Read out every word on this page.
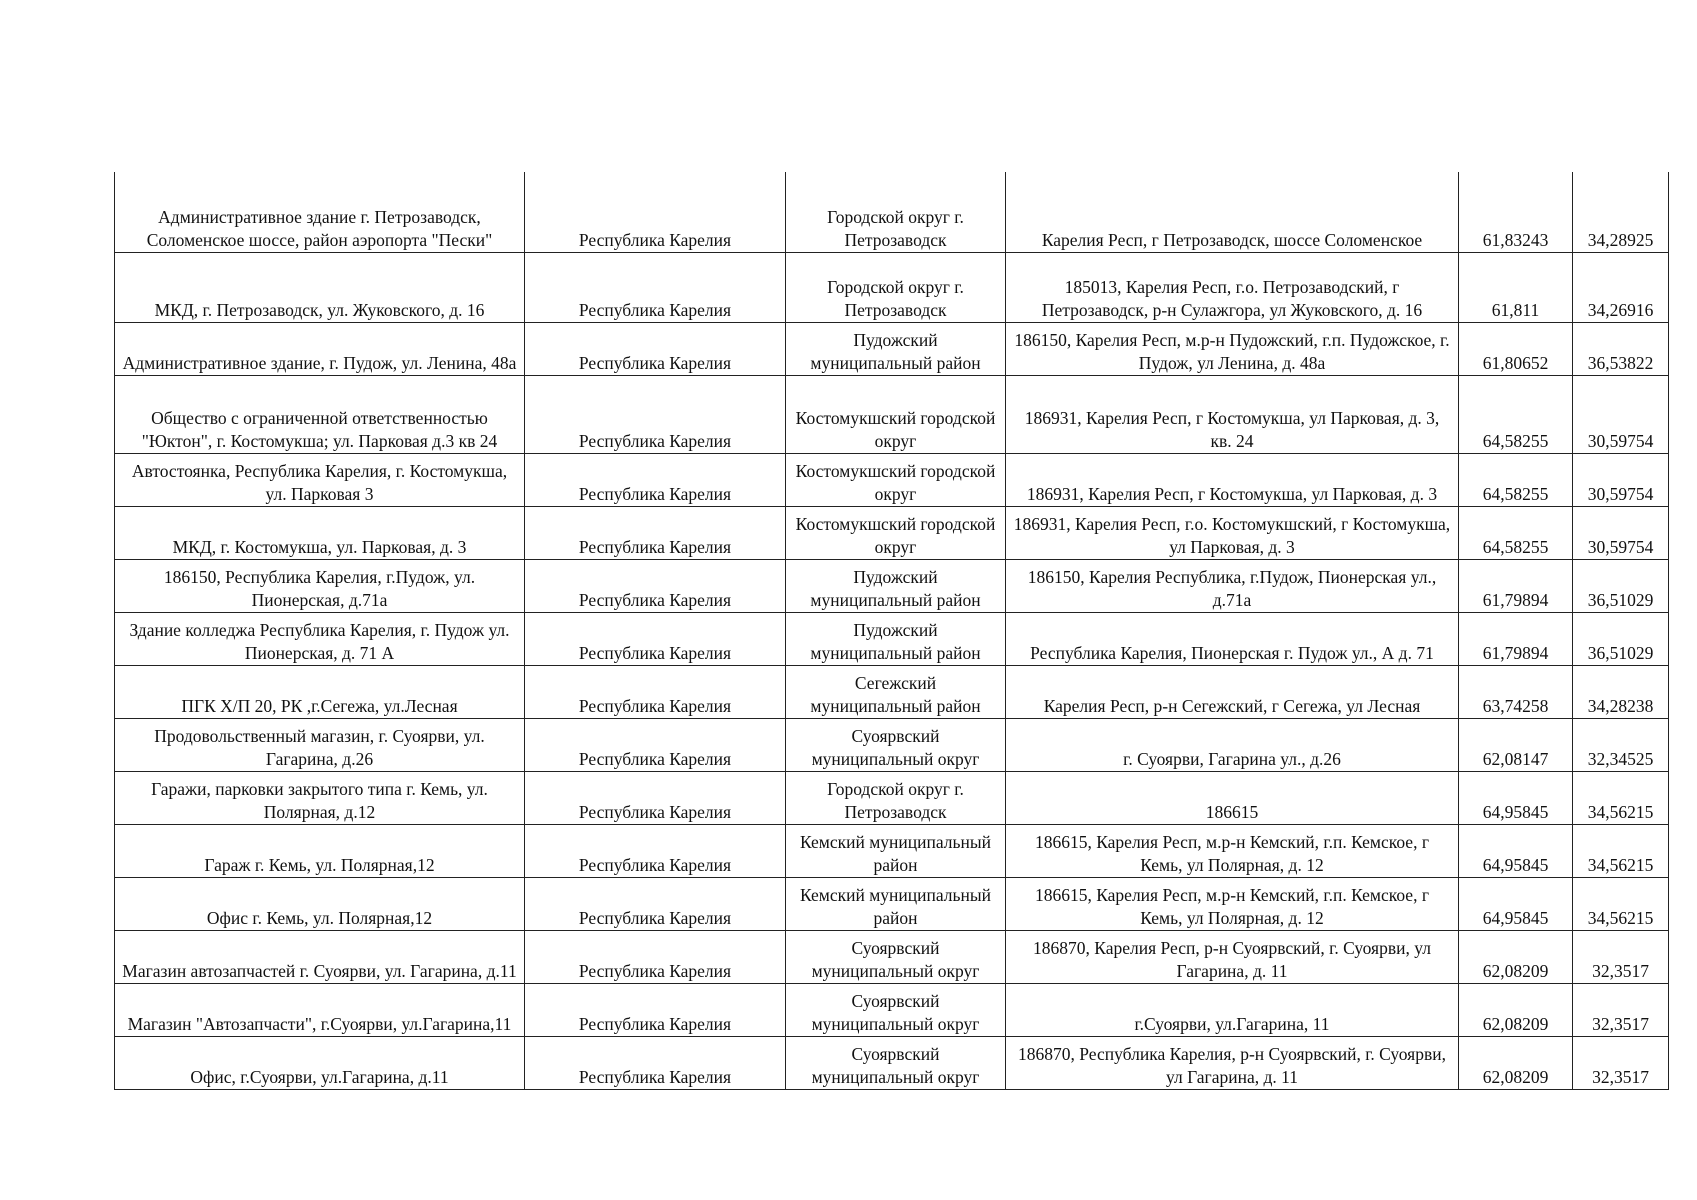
Административное здание г. Петрозаводск, Соломенское шоссе, район аэропорта "Пески"	Республика Карелия	Городской округ г. Петрозаводск	Карелия Респ, г Петрозаводск, шоссе Соломенское	61,83243	34,28925
МКД, г. Петрозаводск, ул. Жуковского, д. 16	Республика Карелия	Городской округ г. Петрозаводск	185013, Карелия Респ, г.о. Петрозаводский, г Петрозаводск, р-н Сулажгора, ул Жуковского, д. 16	61,811	34,26916
Административное здание, г. Пудож, ул. Ленина, 48а	Республика Карелия	Пудожский муниципальный район	186150, Карелия Респ, м.р-н Пудожский, г.п. Пудожское, г. Пудож, ул Ленина, д. 48а	61,80652	36,53822
Общество с ограниченной ответственностью "Юктон", г. Костомукша; ул. Парковая д.3 кв 24	Республика Карелия	Костомукшский городской округ	186931, Карелия Респ, г Костомукша, ул Парковая, д. 3, кв. 24	64,58255	30,59754
Автостоянка, Республика Карелия, г. Костомукша, ул. Парковая 3	Республика Карелия	Костомукшский городской округ	186931, Карелия Респ, г Костомукша, ул Парковая, д. 3	64,58255	30,59754
МКД, г. Костомукша, ул. Парковая, д. 3	Республика Карелия	Костомукшский городской округ	186931, Карелия Респ, г.о. Костомукшский, г Костомукша, ул Парковая, д. 3	64,58255	30,59754
186150, Республика Карелия, г.Пудож, ул. Пионерская, д.71а	Республика Карелия	Пудожский муниципальный район	186150, Карелия Республика, г.Пудож, Пионерская ул., д.71а	61,79894	36,51029
Здание колледжа Республика Карелия, г. Пудож ул. Пионерская, д. 71 А	Республика Карелия	Пудожский муниципальный район	Республика Карелия, Пионерская г. Пудож ул., А д. 71	61,79894	36,51029
ПГК Х/П 20, РК ,г.Сегежа, ул.Лесная	Республика Карелия	Сегежский муниципальный район	Карелия Респ, р-н Сегежский, г Сегежа, ул Лесная	63,74258	34,28238
Продовольственный магазин, г. Суоярви, ул. Гагарина, д.26	Республика Карелия	Суоярвский муниципальный округ	г. Суоярви, Гагарина ул., д.26	62,08147	32,34525
Гаражи, парковки закрытого типа г. Кемь, ул. Полярная, д.12	Республика Карелия	Городской округ г. Петрозаводск	186615	64,95845	34,56215
Гараж г. Кемь, ул. Полярная,12	Республика Карелия	Кемский муниципальный район	186615, Карелия Респ, м.р-н Кемский, г.п. Кемское, г Кемь, ул Полярная, д. 12	64,95845	34,56215
Офис г. Кемь, ул. Полярная,12	Республика Карелия	Кемский муниципальный район	186615, Карелия Респ, м.р-н Кемский, г.п. Кемское, г Кемь, ул Полярная, д. 12	64,95845	34,56215
Магазин автозапчастей г. Суоярви, ул. Гагарина, д.11	Республика Карелия	Суоярвский муниципальный округ	186870, Карелия Респ, р-н Суоярвский, г. Суоярви, ул Гагарина, д. 11	62,08209	32,3517
Магазин "Автозапчасти", г.Суоярви, ул.Гагарина,11	Республика Карелия	Суоярвский муниципальный округ	г.Суоярви, ул.Гагарина, 11	62,08209	32,3517
Офис, г.Суоярви, ул.Гагарина, д.11	Республика Карелия	Суоярвский муниципальный округ	186870, Республика Карелия, р-н Суоярвский, г. Суоярви, ул Гагарина, д. 11	62,08209	32,3517
